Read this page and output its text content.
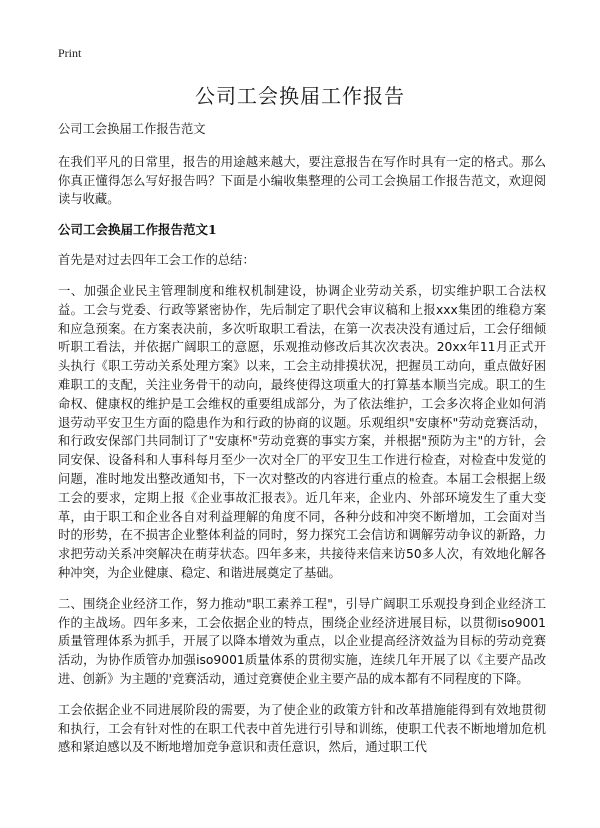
Print
公司工会换届工作报告

公司工会换届工作报告范文

在我们平凡的日常里，报告的用途越来越大，要注意报告在写作时具有一定的格式。那么你真正懂得怎么写好报告吗？下面是小编收集整理的公司工会换届工作报告范文，欢迎阅读与收藏。

公司工会换届工作报告范文1

首先是对过去四年工会工作的总结：

一、加强企业民主管理制度和维权机制建设，协调企业劳动关系，切实维护职工合法权益。工会与党委、行政等紧密协作，先后制定了职代会审议稿和上报xxx集团的维稳方案和应急预案。在方案表决前，多次听取职工看法，在第一次表决没有通过后，工会仔细倾听职工看法，并依据广阔职工的意愿，乐观推动修改后其次次表决。20xx年11月正式开头执行《职工劳动关系处理方案》以来，工会主动排摸状况，把握员工动向，重点做好困难职工的支配，关注业务骨干的动向，最终使得这项重大的打算基本顺当完成。职工的生命权、健康权的维护是工会维权的重要组成部分，为了依法维护，工会多次将企业如何消退劳动平安卫生方面的隐患作为和行政的协商的议题。乐观组织"安康杯"劳动竞赛活动，和行政安保部门共同制订了"安康杯"劳动竞赛的事实方案，并根据"预防为主"的方针，会同安保、设备科和人事科每月至少一次对全厂的平安卫生工作进行检查，对检查中发觉的问题，准时地发出整改通知书，下一次对整改的内容进行重点的检查。本届工会根据上级工会的要求，定期上报《企业事故汇报表》。近几年来，企业内、外部环境发生了重大变革，由于职工和企业各自对利益理解的角度不同，各种分歧和冲突不断增加，工会面对当时的形势，在不损害企业整体利益的同时，努力探究工会信访和调解劳动争议的新路，力求把劳动关系冲突解决在萌芽状态。四年多来，共接待来信来访50多人次，有效地化解各种冲突，为企业健康、稳定、和谐进展奠定了基础。

二、围绕企业经济工作，努力推动"职工素养工程"，引导广阔职工乐观投身到企业经济工作的主战场。四年多来，工会依据企业的特点，围绕企业经济进展目标，以贯彻iso9001质量管理体系为抓手，开展了以降本增效为重点，以企业提高经济效益为目标的劳动竞赛活动，为协作质管办加强iso9001质量体系的贯彻实施，连续几年开展了以《主要产品改进、创新》为主题的'竞赛活动，通过竞赛使企业主要产品的成本都有不同程度的下降。

工会依据企业不同进展阶段的需要，为了使企业的政策方针和改革措施能得到有效地贯彻和执行，工会有针对性的在职工代表中首先进行引导和训练，使职工代表不断地增加危机感和紧迫感以及不断地增加竞争意识和责任意识，然后，通过职工代
